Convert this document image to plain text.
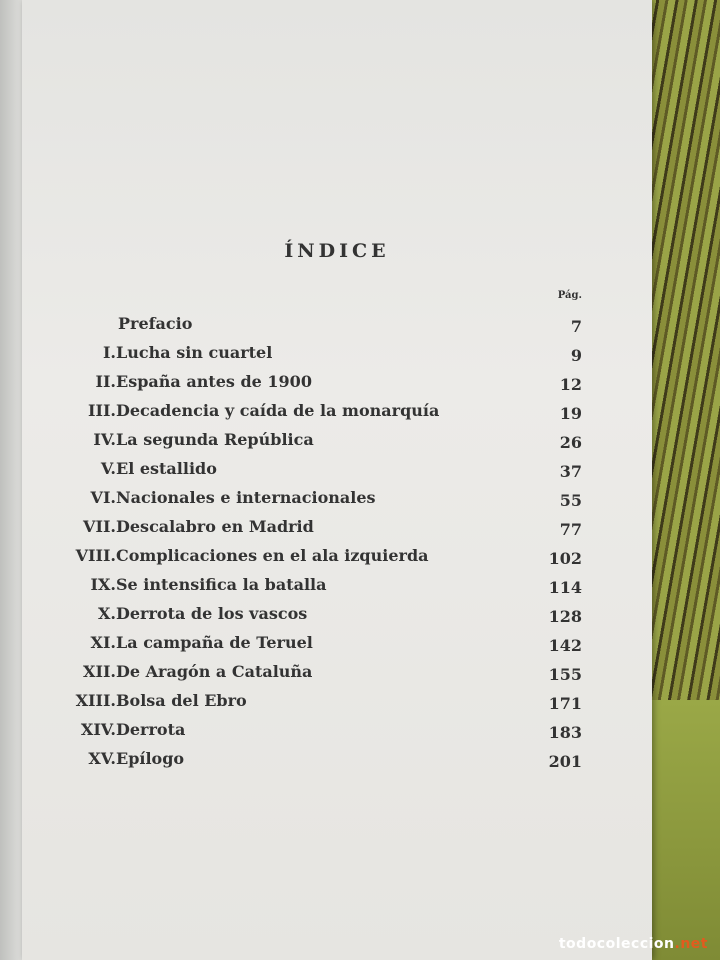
ÍNDICE
Pág.
Prefacio	7
I. Lucha sin cuartel	9
II. España antes de 1900	12
III. Decadencia y caída de la monarquía	19
IV. La segunda República	26
V. El estallido	37
VI. Nacionales e internacionales	55
VII. Descalabro en Madrid	77
VIII. Complicaciones en el ala izquierda	102
IX. Se intensifica la batalla	114
X. Derrota de los vascos	128
XI. La campaña de Teruel	142
XII. De Aragón a Cataluña	155
XIII. Bolsa del Ebro	171
XIV. Derrota	183
XV. Epílogo	201
todocoleccion.net
